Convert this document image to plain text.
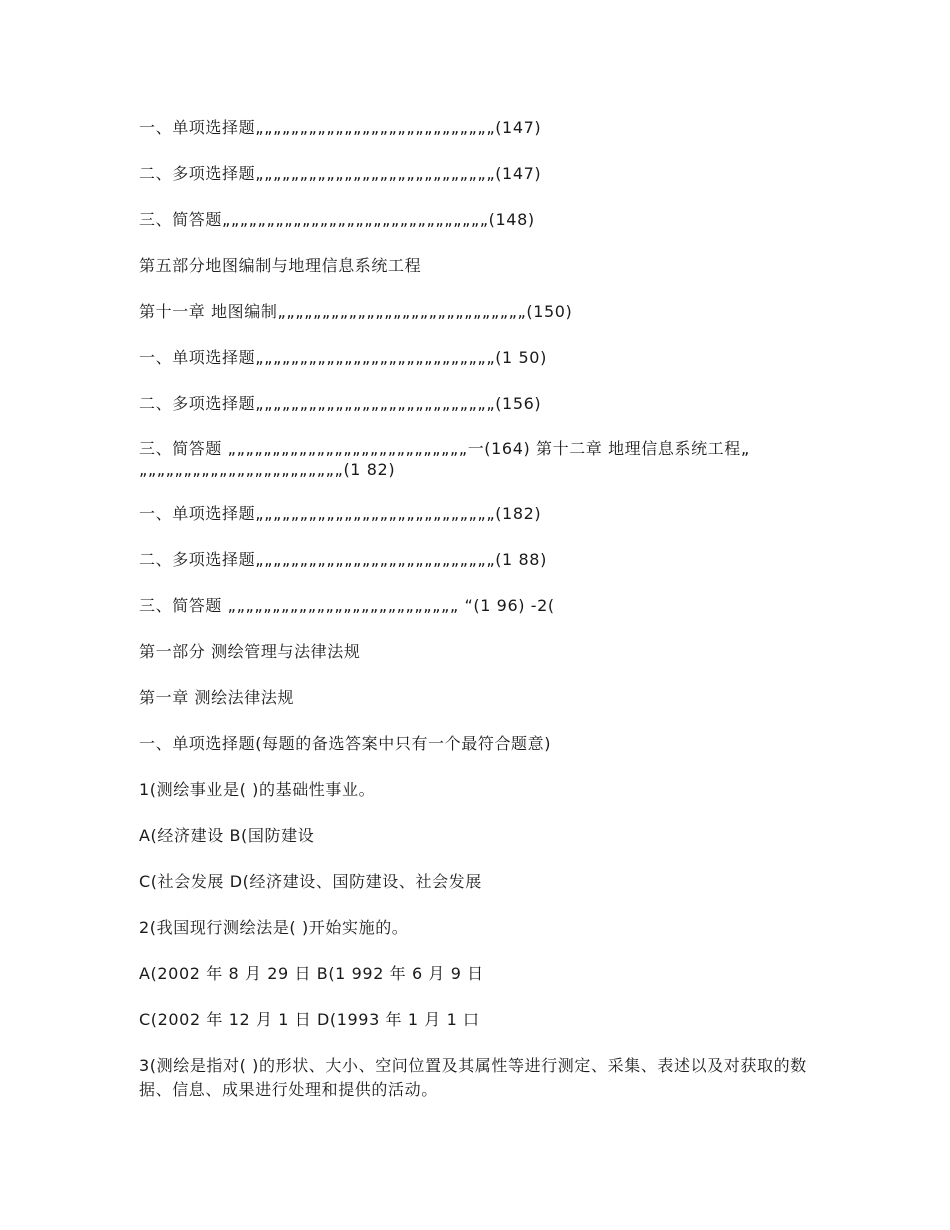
一、单项选择题„„„„„„„„„„„„„„„„„„„„„„„„„„„(147)
二、多项选择题„„„„„„„„„„„„„„„„„„„„„„„„„„„(147)
三、简答题„„„„„„„„„„„„„„„„„„„„„„„„„„„„„„(148)
第五部分地图编制与地理信息系统工程
第十一章 地图编制„„„„„„„„„„„„„„„„„„„„„„„„„„„„(150)
一、单项选择题„„„„„„„„„„„„„„„„„„„„„„„„„„„(1 50)
二、多项选择题„„„„„„„„„„„„„„„„„„„„„„„„„„„(156)
三、简答题 „„„„„„„„„„„„„„„„„„„„„„„„„„„一(164) 第十二章 地理信息系统工程„ „„„„„„„„„„„„„„„„„„„„„„„(1 82)
一、单项选择题„„„„„„„„„„„„„„„„„„„„„„„„„„„(182)
二、多项选择题„„„„„„„„„„„„„„„„„„„„„„„„„„„(1 88)
三、简答题 „„„„„„„„„„„„„„„„„„„„„„„„„„ “(1 96) -2(
第一部分 测绘管理与法律法规
第一章 测绘法律法规
一、单项选择题(每题的备选答案中只有一个最符合题意)
1(测绘事业是( )的基础性事业。
A(经济建设 B(国防建设
C(社会发展 D(经济建设、国防建设、社会发展
2(我国现行测绘法是( )开始实施的。
A(2002 年 8 月 29 日 B(1 992 年 6 月 9 日
C(2002 年 12 月 1 日 D(1993 年 1 月 1 口
3(测绘是指对( )的形状、大小、空问位置及其属性等进行测定、采集、表述以及对获取的数据、信息、成果进行处理和提供的活动。
